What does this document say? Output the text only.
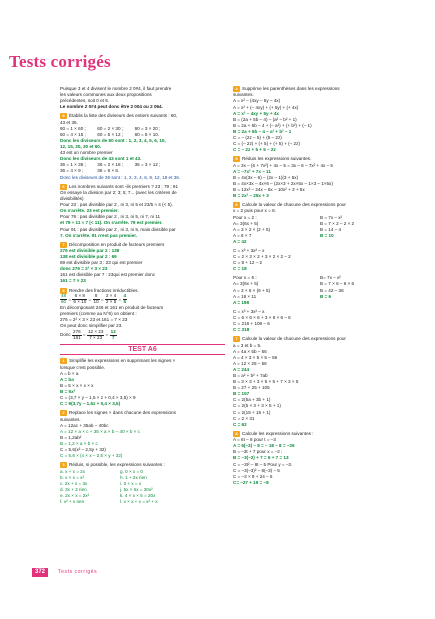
Tests corrigés
Puisque 3 et 4 divisent le nombre 2 0#4, il faut prendre
les valeurs communes aux deux propositions
précédentes, soit 0 et 6.
Le nombre 2 0#4 peut donc être 2 004 ou 2 064.
5 Établis la liste des diviseurs des entiers suivants : 60,
43 et 36.
60 = 1 × 60 ;         60 = 2 × 30 ;         60 = 3 × 20 ;
60 = 4 × 15 ;         60 = 5 × 12 ;         60 = 6 × 10.
Donc les diviseurs de 60 sont : 1, 2, 3, 4, 5, 6, 10,
12, 15, 20, 30 et 60.
43 est un nombre premier
Donc les diviseurs de 43 sont 1 et 43.
36 = 1 × 36 ;         36 = 2 × 18 ;         36 = 3 × 12 ;
36 = 4 × 9 ;           36 = 6 × 6.
Donc les diviseurs de 36 sont : 1, 2, 3, 4, 6, 9, 12, 18 et 36.
6 Les nombres suivants sont -ils premiers ? 23 ; 79 ; 91
On essaye la division par 2; 3; 5; 7... (avec les critères de
divisibilités)
Pour 23 : pas divisible par 2 , ni 3, ni 5 et 23/5 ≈ 4 (< 5).
On s'arrête. 23 est premier.
Pour 79 : pas divisible par 2 , ni 3, ni 5, ni 7, ni 11
et 79 ÷ 11 ≈ 7 (< 11). On s'arrête. 79 est premier.
Pour 91 : pas divisible par 2 , ni 3, ni 5, mais divisible par
7. On s'arrête. 91 n'est pas premier.
7 Décomposition en produit de facteurs premiers
276 est divisible par 2 : 138
138 est divisible par 2 : 69
69 est divisible par 3 : 23 qui est premier
donc 276 = 2² × 3 × 23
161 est divisible par 7 : 23qui est premier donc
161 = 7 × 23
8 Rendre des fractions irréductibles.
$\frac{48}{60} = \frac{6 \times 8}{6 \times 10} = \frac{8}{10} = \frac{2 \times 4}{2 \times 5} = \frac{4}{5}$
En décomposant 246 et 161 en produit de facteurs
premiers (comme au N°6) on obtient :
276 = 2² × 3 × 23 et 161 = 7 × 23
On peut donc simplifier par 23.
Donc $\frac{276}{161} = \frac{12 \times 23}{7 \times 23} = \frac{12}{7}$
TEST A6
1 Simplifie les expressions en supprimant les signes ×
lorsque c'est possible.
A = b × a
A = ba
B = 5 × x × x × x
B = 5x³
C = (3,7 × y – 1,5 × z + 0,4 × 3,5) × 9
C = 9(3,7y – 1,5z + 0,4 × 3,5)
2 Replace les signes × dans chacune des expressions
suivantes.
A = 12ac + 35ab – 40bc
A = 12 × a × c + 35 × a × b – 40 × b × c
B = 1,2ab²
B = 1,2 × a × b × c
C = 5,6(x² – 2,5y + 32)
C = 5,6 × (x × x – 2,5 × y + 32)
3 Réduis, si possible, les expressions suivantes :
a. x + x = 2x
b. x × x = x²
c. 2x + x = 3x
d. 3x + 2 rien
e. 2x × x = 2x²
f. x² + x rien
g. 0 × x = 0
h. 1 + 2x rien
i. 0 + x = x
j. 5x × 6x = 30x²
k. 4 × x × 5 = 20x
l. x × x + x = x² + x
4 Supprime les parenthèses dans les expressions
suivantes.
A = x² – (4xy – 5y – 4x)
A = x² + (– 4xy) + (+ 5y) + (+ 4x)
A = x² – 4xy + 5y + 4x
B = (2a + 5b – 4) – (a² – b² + 1)
B = 2a + 5b – 4 + (– a²) + (+ b²) + (– 1)
B = 2a + 5b – 4 – a² + b² – 1
C = – (2z – 5) + (5 – 2z)
C = (– 2z) + (+ 5) + (+ 5) + (– 2z)
C = – 2z + 5 + 5 – 2z
5 Réduis les expressions suivantes.
A = 3x – (6 + 7x²) + 4x – 5 = 3x – 6 – 7x² + 4x – 5
A = –7x² + 7x – 11
B = 4x(3x – 6) – (2x – 1)(3 + 5x)
B = 4x×3x – 4x×6 – (2x×3 + 2x×5x – 1×3 – 1×5x)
B = 12x² – 24x – 6x – 10x² + 3 + 5x
B = 2x² – 25x + 3
6 Calcule la valeur de chacune des expressions pour
x = 2 puis pour x = 6.
Pour x = 2 :
A= 3(6x + 5)
A = 3 × 2 × (2 + 5)
A = 6 × 7
A = 42
B = 7x – x²
B = 7 × 2 – 2 × 2
B = 14 – 4
B = 10
C = x³ + 3x² – x
C = 2 × 2 × 2 + 3 × 2 × 2 – 2
C = 8 + 12 – 2
C = 18
Pour x = 6 :
A= 3(6x + 5)
A = 3 × 6 × (6 + 5)
A = 18 × 11
A = 198
B= 7x – x²
B = 7 × 6 – 6 × 6
B = 42 – 36
B = 6
C = x³ + 3x² – x
C = 6 × 6 × 6 + 3 × 6 × 6 – 6
C = 216 + 108 – 6
C = 318
7 Calcule la valeur de chacune des expressions pour
a = 3 et b = 5.
A = 4a × 5b – 56
A = 4 × 3 × 5 × 5 – 56
A = 12 × 25 – 56
A = 244
B = a² + b² + 7ab
B = 3 × 3 + 3 × 5 × 5 + 7 × 3 × 5
B = 27 + 25 + 105
B = 157
C = 2(5a + 3b + 1)
C = 2(5 × 3 + 3 × 5 + 1)
C = 2(15 + 15 + 1)
C = 2 × 31
C = 62
8 Calcule les expressions suivantes :
A = 6t – 8 pour t = –3
A = 6(–3) – 8 = – 18 – 8 = –26
B = –3t + 7 pour x = –2 ;
B = –3(–2) + 7 = 6 + 7 = 13
C = –3t² – 8t – 5 Pour y = –3.
C = –3(–3)² – 8(–3) – 5
C = –3 × 9 + 24 – 5
C= –27 + 19 = –8
372	Tests corrigés
